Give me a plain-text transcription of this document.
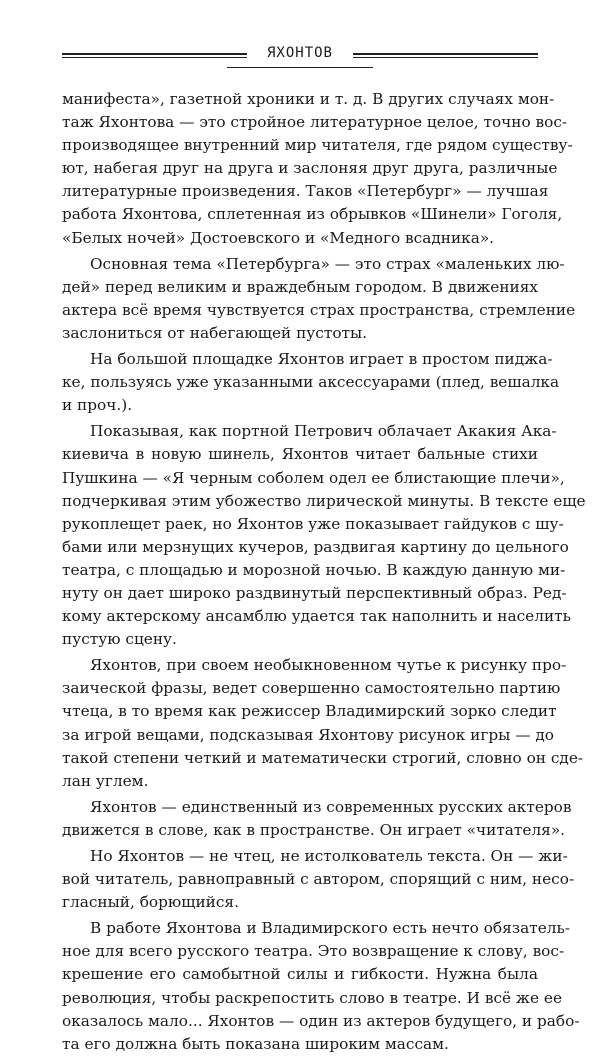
ЯХОНТОВ
манифеста», газетной хроники и т. д. В других случаях мон-
таж Яхонтова — это стройное литературное целое, точно вос-
производящее внутренний мир читателя, где рядом существу-
ют, набегая друг на друга и заслоняя друг друга, различные
литературные произведения. Таков «Петербург» — лучшая
работа Яхонтова, сплетенная из обрывков «Шинели» Гоголя,
«Белых ночей» Достоевского и «Медного всадника».
Основная тема «Петербурга» — это страх «маленьких лю-
дей» перед великим и враждебным городом. В движениях
актера всё время чувствуется страх пространства, стремление
заслониться от набегающей пустоты.
На большой площадке Яхонтов играет в простом пиджа-
ке, пользуясь уже указанными аксессуарами (плед, вешалка
и проч.).
Показывая, как портной Петрович облачает Акакия Ака-
киевича в новую шинель, Яхонтов читает бальные стихи
Пушкина — «Я черным соболем одел ее блистающие плечи»,
подчеркивая этим убожество лирической минуты. В тексте еще
рукоплещет раек, но Яхонтов уже показывает гайдуков с шу-
бами или мерзнущих кучеров, раздвигая картину до цельного
театра, с площадью и морозной ночью. В каждую данную ми-
нуту он дает широко раздвинутый перспективный образ. Ред-
кому актерскому ансамблю удается так наполнить и населить
пустую сцену.
Яхонтов, при своем необыкновенном чутье к рисунку про-
заической фразы, ведет совершенно самостоятельно партию
чтеца, в то время как режиссер Владимирский зорко следит
за игрой вещами, подсказывая Яхонтову рисунок игры — до
такой степени четкий и математически строгий, словно он сде-
лан углем.
Яхонтов — единственный из современных русских актеров
движется в слове, как в пространстве. Он играет «читателя».
Но Яхонтов — не чтец, не истолкователь текста. Он — жи-
вой читатель, равноправный с автором, спорящий с ним, несо-
гласный, борющийся.
В работе Яхонтова и Владимирского есть нечто обязатель-
ное для всего русского театра. Это возвращение к слову, вос-
крешение его самобытной силы и гибкости. Нужна была
революция, чтобы раскрепостить слово в театре. И всё же ее
оказалось мало... Яхонтов — один из актеров будущего, и рабо-
та его должна быть показана широким массам.
